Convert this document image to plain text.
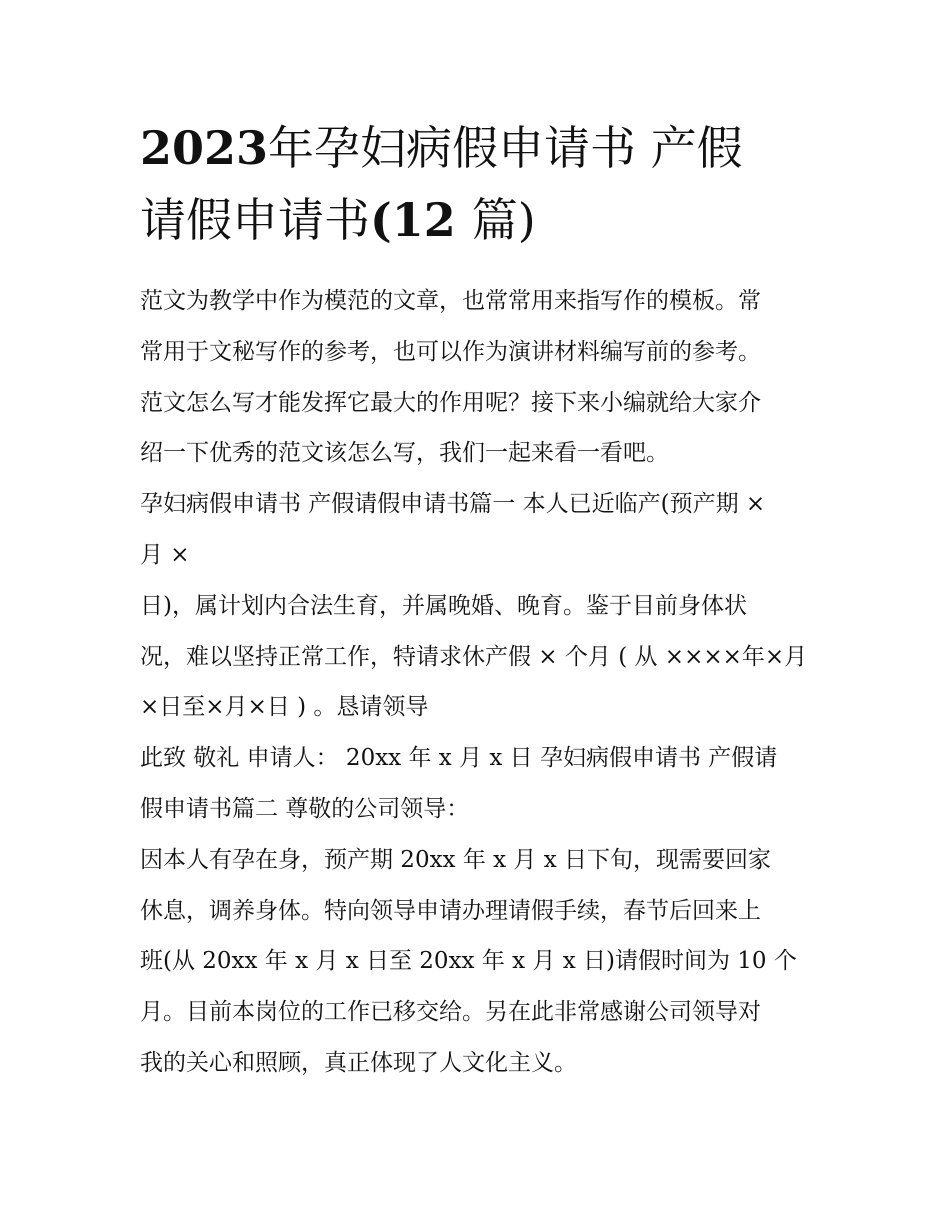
2023年孕妇病假申请书 产假
请假申请书(12 篇)
范文为教学中作为模范的文章，也常常用来指写作的模板。常
常用于文秘写作的参考，也可以作为演讲材料编写前的参考。
范文怎么写才能发挥它最大的作用呢？接下来小编就给大家介
绍一下优秀的范文该怎么写，我们一起来看一看吧。
孕妇病假申请书 产假请假申请书篇一 本人已近临产(预产期 ×
月 ×
日)，属计划内合法生育，并属晚婚、晚育。鉴于目前身体状
况，难以坚持正常工作，特请求休产假 × 个月 ( 从 ××××年×月
×日至×月×日 ) 。恳请领导
此致 敬礼 申请人： 20xx 年 x 月 x 日 孕妇病假申请书 产假请
假申请书篇二 尊敬的公司领导：
因本人有孕在身，预产期 20xx 年 x 月 x 日下旬，现需要回家
休息，调养身体。特向领导申请办理请假手续，春节后回来上
班(从 20xx 年 x 月 x 日至 20xx 年 x 月 x 日)请假时间为 10 个
月。目前本岗位的工作已移交给。另在此非常感谢公司领导对
我的关心和照顾，真正体现了人文化主义。
